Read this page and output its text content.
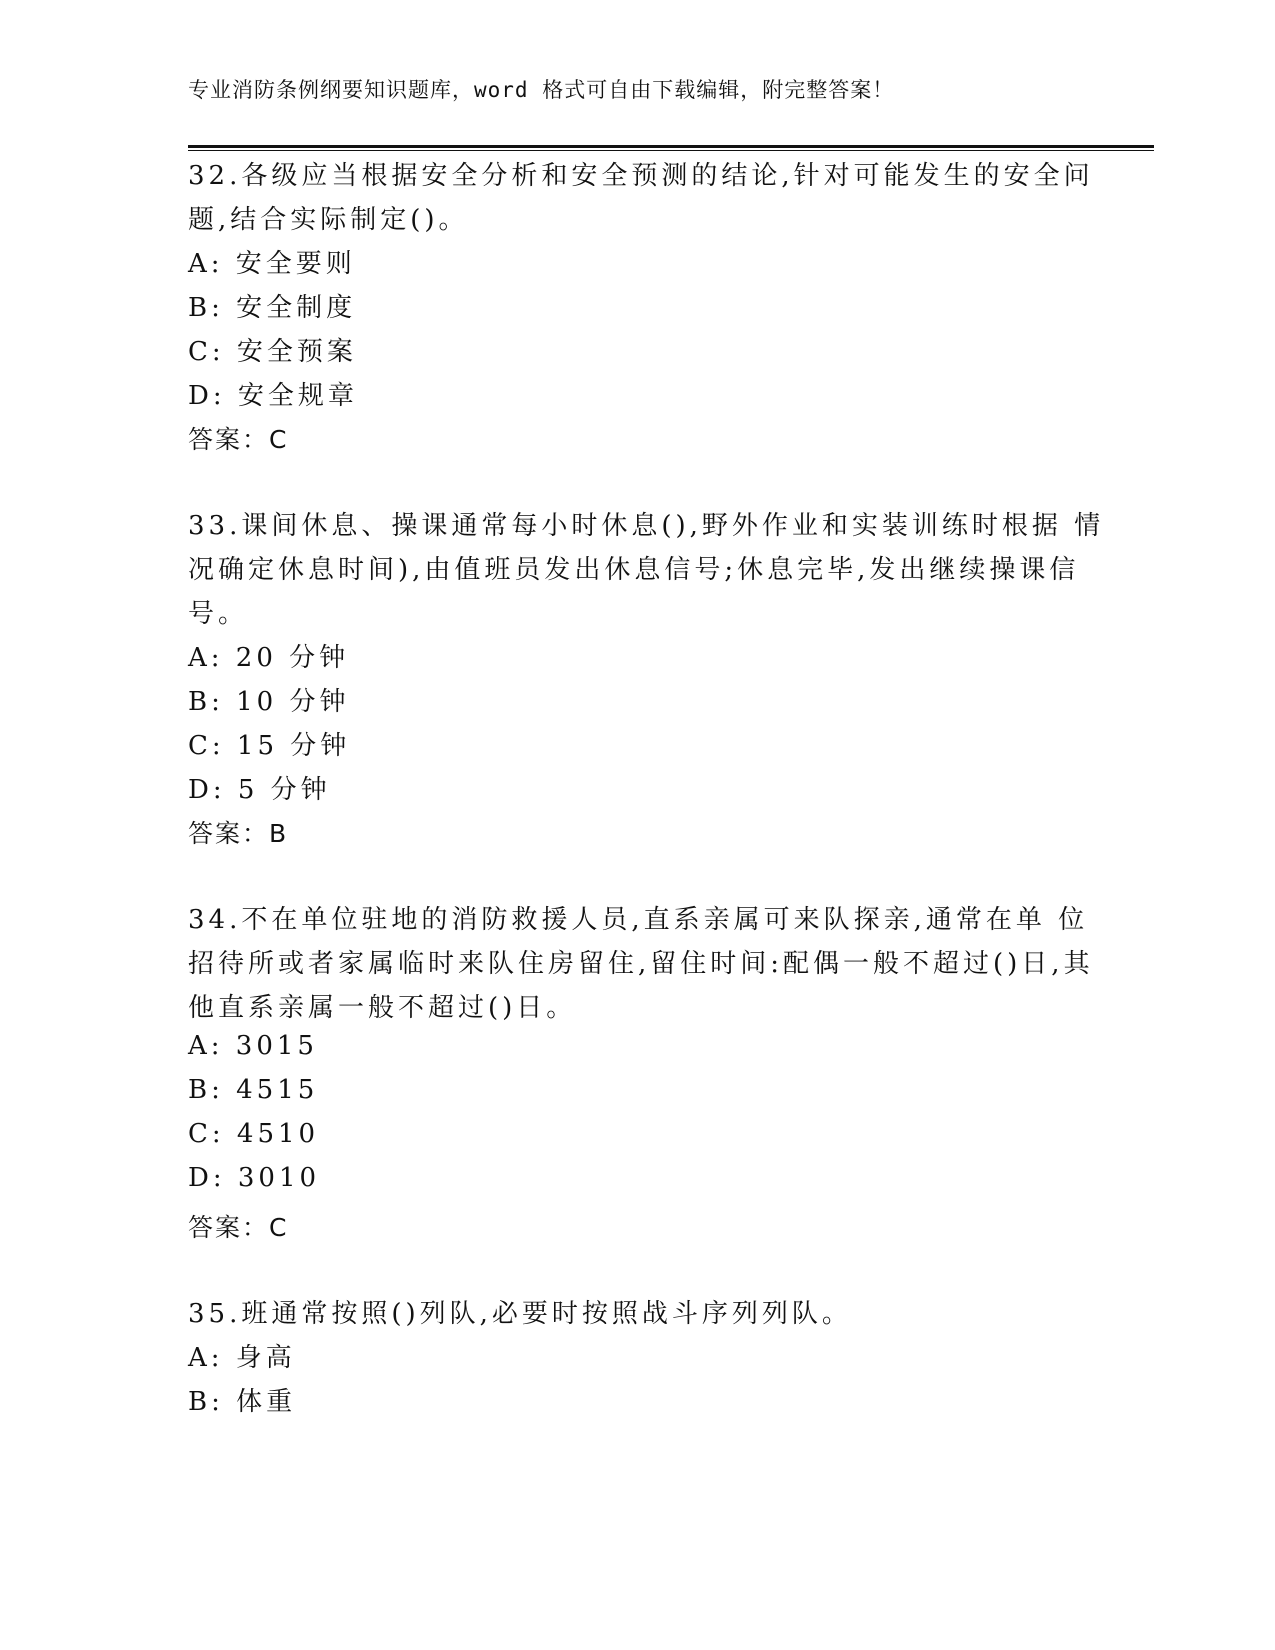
专业消防条例纲要知识题库，word 格式可自由下载编辑，附完整答案！
32.各级应当根据安全分析和安全预测的结论,针对可能发生的安全问
题,结合实际制定()。
A: 安全要则
B: 安全制度
C: 安全预案
D: 安全规章
答案：C
33.课间休息、操课通常每小时休息(),野外作业和实装训练时根据 情
况确定休息时间),由值班员发出休息信号;休息完毕,发出继续操课信
号。
A: 20 分钟
B: 10 分钟
C: 15 分钟
D: 5 分钟
答案：B
34.不在单位驻地的消防救援人员,直系亲属可来队探亲,通常在单 位
招待所或者家属临时来队住房留住,留住时间:配偶一般不超过()日,其
他直系亲属一般不超过()日。
A: 3015
B: 4515
C: 4510
D: 3010
答案：C
35.班通常按照()列队,必要时按照战斗序列列队。
A: 身高
B: 体重
